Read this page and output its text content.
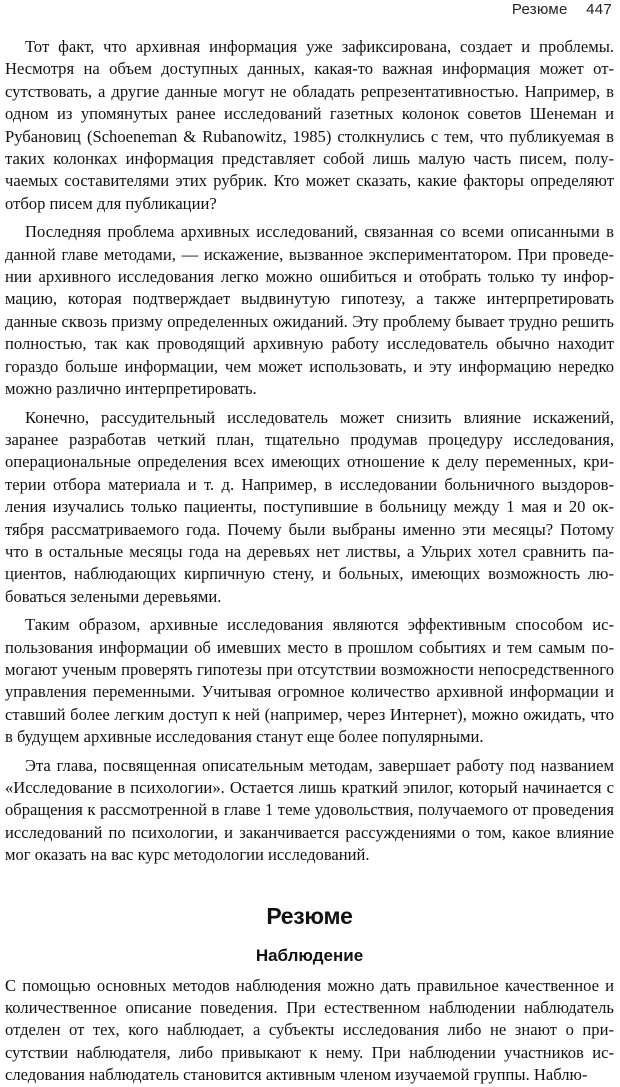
Резюме 447

Тот факт, что архивная информация уже зафиксирована, создает и проблемы. Несмотря на объем доступных данных, какая-то важная информация может отсутствовать, а другие данные могут не обладать репрезентативностью. Например, в одном из упомянутых ранее исследований газетных колонок советов Шенеман и Рубановиц (Schoeneman & Rubanowitz, 1985) столкнулись с тем, что публикуемая в таких колонках информация представляет собой лишь малую часть писем, получаемых составителями этих рубрик. Кто может сказать, какие факторы определяют отбор писем для публикации?

Последняя проблема архивных исследований, связанная со всеми описанными в данной главе методами, — искажение, вызванное экспериментатором. При проведении архивного исследования легко можно ошибиться и отобрать только ту информацию, которая подтверждает выдвинутую гипотезу, а также интерпретировать данные сквозь призму определенных ожиданий. Эту проблему бывает трудно решить полностью, так как проводящий архивную работу исследователь обычно находит гораздо больше информации, чем может использовать, и эту информацию нередко можно различно интерпретировать.

Конечно, рассудительный исследователь может снизить влияние искажений, заранее разработав четкий план, тщательно продумав процедуру исследования, операциональные определения всех имеющих отношение к делу переменных, критерии отбора материала и т. д. Например, в исследовании больничного выздоровления изучались только пациенты, поступившие в больницу между 1 мая и 20 октября рассматриваемого года. Почему были выбраны именно эти месяцы? Потому что в остальные месяцы года на деревьях нет листвы, а Ульрих хотел сравнить пациентов, наблюдающих кирпичную стену, и больных, имеющих возможность любоваться зелеными деревьями.

Таким образом, архивные исследования являются эффективным способом использования информации об имевших место в прошлом событиях и тем самым помогают ученым проверять гипотезы при отсутствии возможности непосредственного управления переменными. Учитывая огромное количество архивной информации и ставший более легким доступ к ней (например, через Интернет), можно ожидать, что в будущем архивные исследования станут еще более популярными.

Эта глава, посвященная описательным методам, завершает работу под названием «Исследование в психологии». Остается лишь краткий эпилог, который начинается с обращения к рассмотренной в главе 1 теме удовольствия, получаемого от проведения исследований по психологии, и заканчивается рассуждениями о том, какое влияние мог оказать на вас курс методологии исследований.

Резюме
Наблюдение

С помощью основных методов наблюдения можно дать правильное качественное и количественное описание поведения. При естественном наблюдении наблюдатель отделен от тех, кого наблюдает, а субъекты исследования либо не знают о присутствии наблюдателя, либо привыкают к нему. При наблюдении участников исследования наблюдатель становится активным членом изучаемой группы. Наблю-
